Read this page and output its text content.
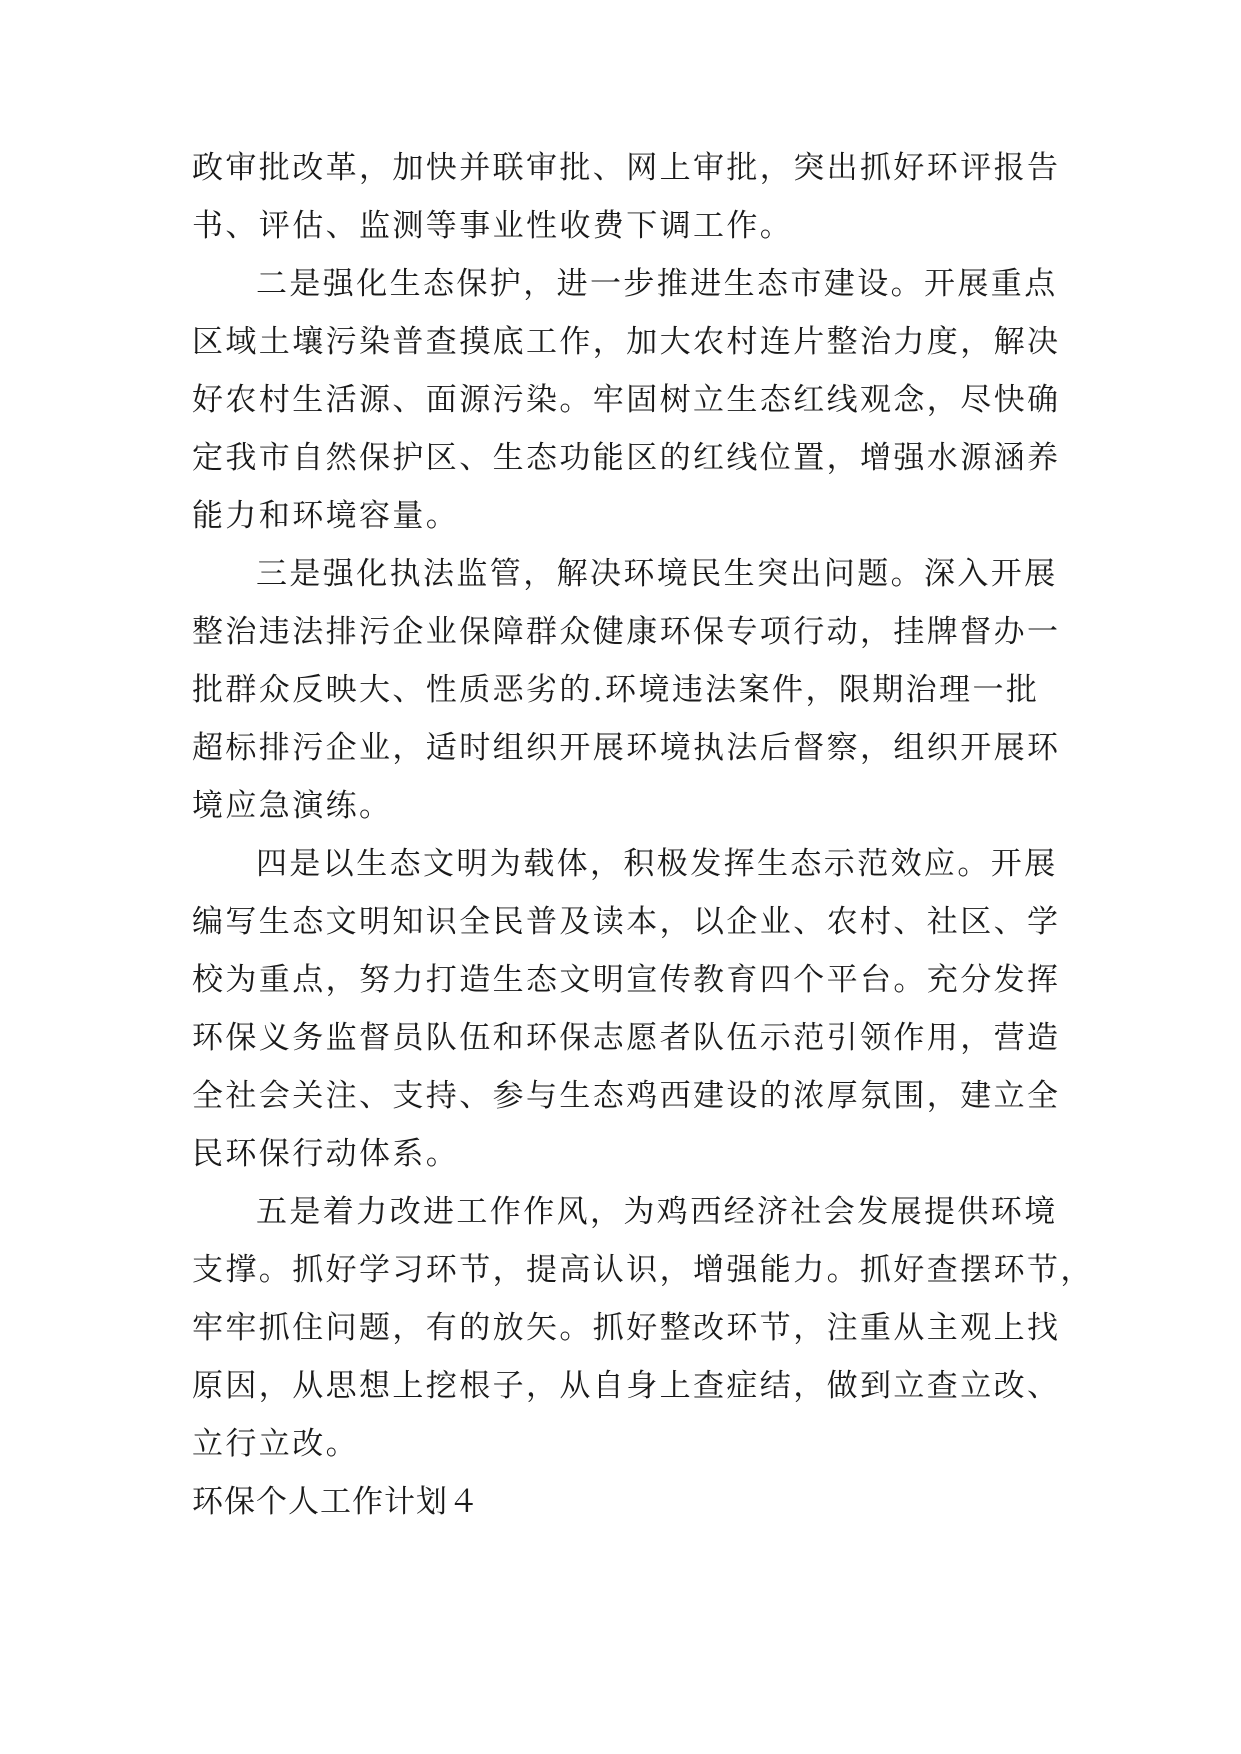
政审批改革，加快并联审批、网上审批，突出抓好环评报告
书、评估、监测等事业性收费下调工作。
二是强化生态保护，进一步推进生态市建设。开展重点
区域土壤污染普查摸底工作，加大农村连片整治力度，解决
好农村生活源、面源污染。牢固树立生态红线观念，尽快确
定我市自然保护区、生态功能区的红线位置，增强水源涵养
能力和环境容量。
三是强化执法监管，解决环境民生突出问题。深入开展
整治违法排污企业保障群众健康环保专项行动，挂牌督办一
批群众反映大、性质恶劣的.环境违法案件，限期治理一批
超标排污企业，适时组织开展环境执法后督察，组织开展环
境应急演练。
四是以生态文明为载体，积极发挥生态示范效应。开展
编写生态文明知识全民普及读本，以企业、农村、社区、学
校为重点，努力打造生态文明宣传教育四个平台。充分发挥
环保义务监督员队伍和环保志愿者队伍示范引领作用，营造
全社会关注、支持、参与生态鸡西建设的浓厚氛围，建立全
民环保行动体系。
五是着力改进工作作风，为鸡西经济社会发展提供环境
支撑。抓好学习环节，提高认识，增强能力。抓好查摆环节，
牢牢抓住问题，有的放矢。抓好整改环节，注重从主观上找
原因，从思想上挖根子，从自身上查症结，做到立查立改、
立行立改。
环保个人工作计划４
